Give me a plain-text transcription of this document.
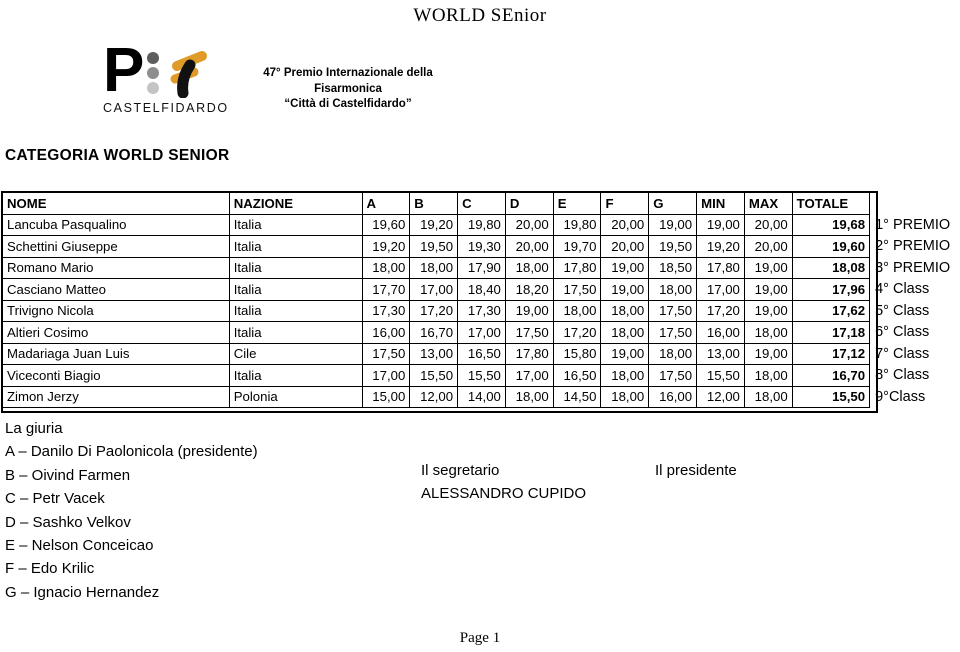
WORLD SEnior
P
CASTELFIDARDO
47° Premio Internazionale della
Fisarmonica
“Città di Castelfidardo”
CATEGORIA WORLD SENIOR
NOME	NAZIONE	A	B	C	D	E	F	G	MIN	MAX	TOTALE	
Lancuba Pasqualino	Italia	19,60	19,20	19,80	20,00	19,80	20,00	19,00	19,00	20,00	19,68	1° PREMIO
Schettini Giuseppe	Italia	19,20	19,50	19,30	20,00	19,70	20,00	19,50	19,20	20,00	19,60	2° PREMIO
Romano Mario	Italia	18,00	18,00	17,90	18,00	17,80	19,00	18,50	17,80	19,00	18,08	3° PREMIO
Casciano Matteo	Italia	17,70	17,00	18,40	18,20	17,50	19,00	18,00	17,00	19,00	17,96	4° Class
Trivigno Nicola	Italia	17,30	17,20	17,30	19,00	18,00	18,00	17,50	17,20	19,00	17,62	5° Class
Altieri Cosimo	Italia	16,00	16,70	17,00	17,50	17,20	18,00	17,50	16,00	18,00	17,18	6° Class
Madariaga Juan Luis	Cile	17,50	13,00	16,50	17,80	15,80	19,00	18,00	13,00	19,00	17,12	7° Class
Viceconti Biagio	Italia	17,00	15,50	15,50	17,00	16,50	18,00	17,50	15,50	18,00	16,70	8° Class
Zimon Jerzy	Polonia	15,00	12,00	14,00	18,00	14,50	18,00	16,00	12,00	18,00	15,50	9°Class
La giuria
A – Danilo Di Paolonicola (presidente)
B – Oivind Farmen
C – Petr Vacek
D – Sashko Velkov
E – Nelson Conceicao
F – Edo Krilic
G – Ignacio Hernandez
Il segretario	Il presidente
ALESSANDRO CUPIDO
Page 1
